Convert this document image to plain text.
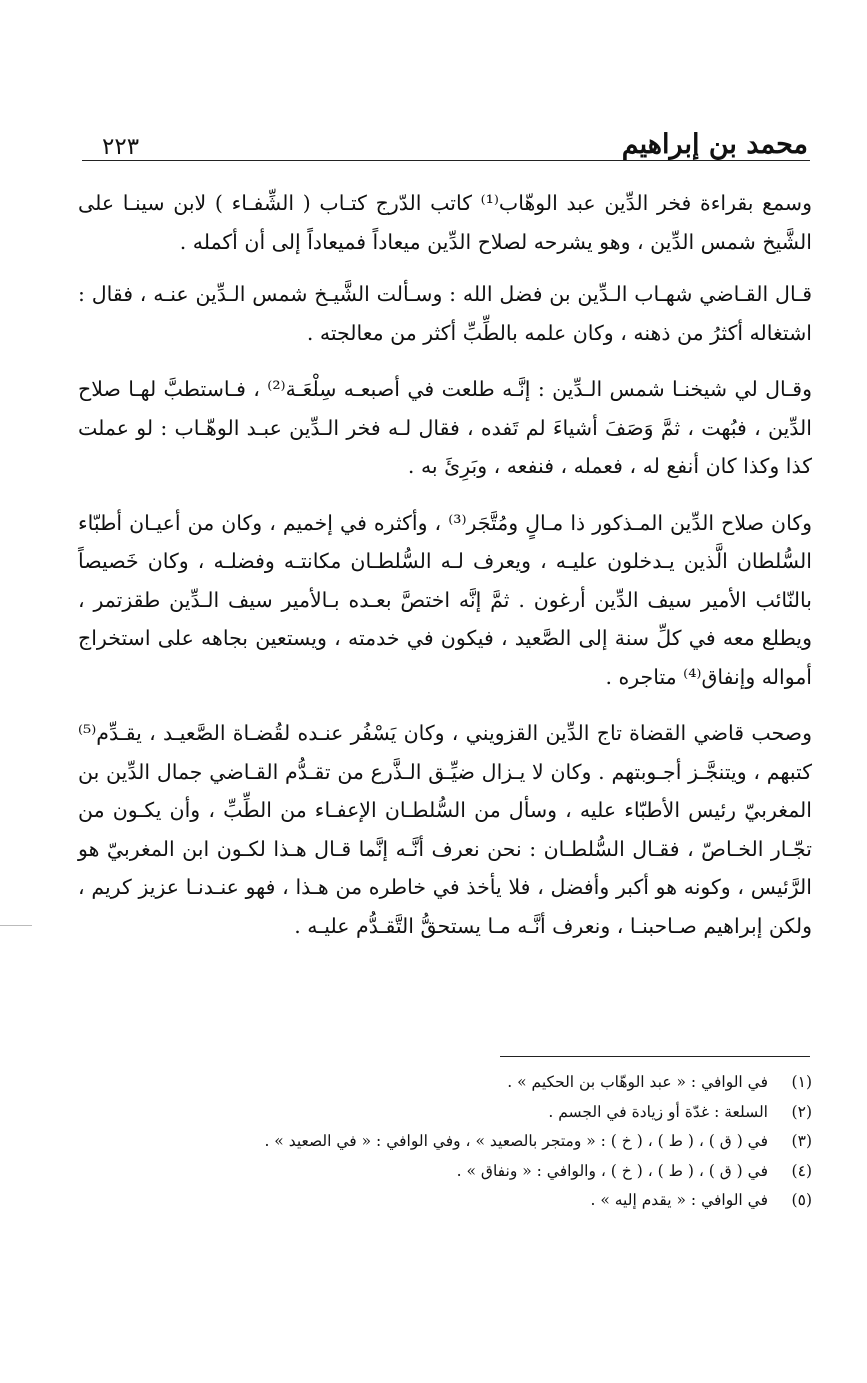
محمد بن إبراهيم
٢٢٣

وسمع بقراءة فخر الدِّين عبد الوهّاب⁽¹⁾ كاتب الدّرج كتـاب ( الشِّفـاء ) لابن سينـا على الشَّيخ شمس الدِّين ، وهو يشرحه لصلاح الدِّين ميعاداً فميعاداً إلى أن أكمله .

قـال القـاضي شهـاب الـدِّين بن فضل الله : وسـألت الشَّيـخ شمس الـدِّين عنـه ، فقال : اشتغاله أكثرُ من ذهنه ، وكان علمه بالطِّبِّ أكثر من معالجته .

وقـال لي شيخنـا شمس الـدِّين : إنَّـه طلعت في أصبعـه سِلْعَـة⁽²⁾ ، فـاستطبَّ لهـا صلاح الدِّين ، فبُهت ، ثمَّ وَصَفَ أشياءَ لم تَفده ، فقال لـه فخر الـدِّين عبـد الوهّـاب : لو عملت كذا وكذا كان أنفع له ، فعمله ، فنفعه ، وبَرِئَ به .

وكان صلاح الدِّين المـذكور ذا مـالٍ ومُتَّجَر⁽³⁾ ، وأكثره في إخميم ، وكان من أعيـان أطبّاء السُّلطان الَّذين يـدخلون عليـه ، ويعرف لـه السُّلطـان مكانتـه وفضلـه ، وكان خَصيصاً بالنّائب الأمير سيف الدِّين أرغون . ثمَّ إنَّه اختصَّ بعـده بـالأمير سيف الـدِّين طقزتمر ، ويطلع معه في كلِّ سنة إلى الصَّعيد ، فيكون في خدمته ، ويستعين بجاهه على استخراج أمواله وإنفاق⁽⁴⁾ متاجره .

وصحب قاضي القضاة تاج الدِّين القزويني ، وكان يَسْفُر عنـده لقُضـاة الصَّعيـد ، يقـدِّم⁽⁵⁾ كتبهم ، ويتنجَّـز أجـوبتهم . وكان لا يـزال ضيِّـق الـذَّرع من تقـدُّم القـاضي جمال الدِّين بن المغربيّ رئيس الأطبّاء عليه ، وسأل من السُّلطـان الإعفـاء من الطِّبِّ ، وأن يكـون من تجّـار الخـاصّ ، فقـال السُّلطـان : نحن نعرف أنَّـه إنَّما قـال هـذا لكـون ابن المغربيّ هو الرَّئيس ، وكونه هو أكبر وأفضل ، فلا يأخذ في خاطره من هـذا ، فهو عنـدنـا عزيز كريم ، ولكن إبراهيم صـاحبنـا ، ونعرف أنَّـه مـا يستحقُّ التَّقـدُّم عليـه .

(١)
في الوافي : « عبد الوهّاب بن الحكيم » .
(٢)
السلعة : غدّة أو زيادة في الجسم .
(٣)
في ( ق ) ، ( ط ) ، ( خ ) : « ومتجر بالصعيد » ، وفي الوافي : « في الصعيد » .
(٤)
في ( ق ) ، ( ط ) ، ( خ ) ، والوافي : « ونفاق » .
(٥)
في الوافي : « يقدم إليه » .
